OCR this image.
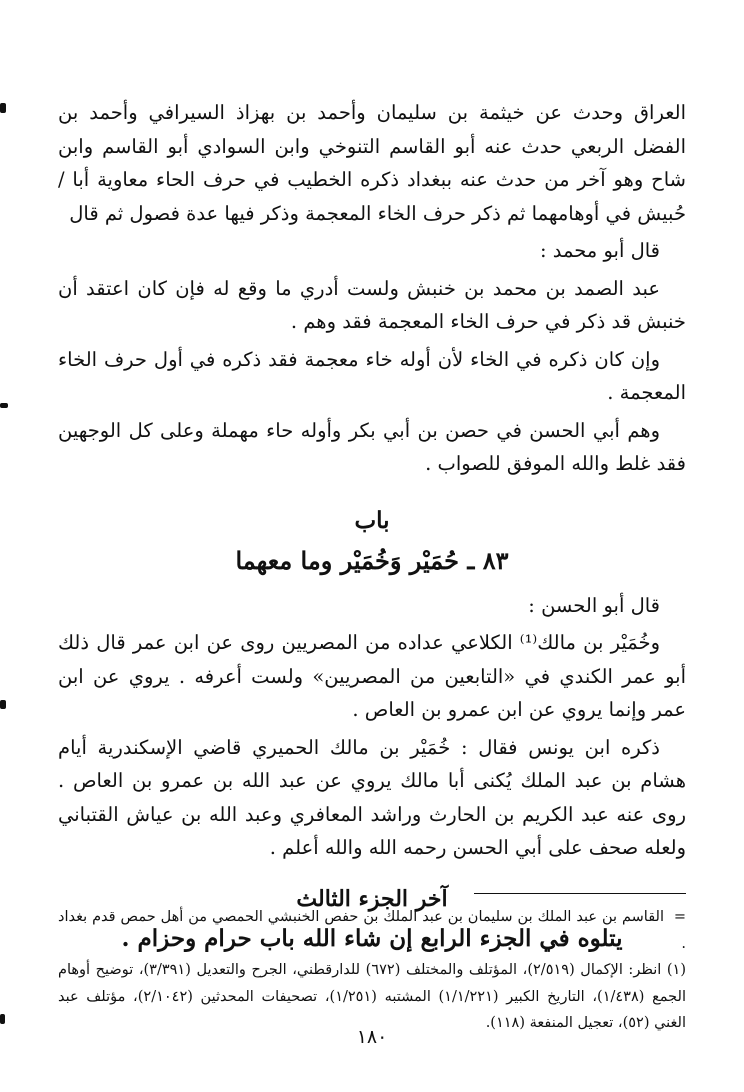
العراق وحدث عن خيثمة بن سليمان وأحمد بن بهزاذ السيرافي وأحمد بن الفضل الربعي حدث عنه أبو القاسم التنوخي وابن السوادي أبو القاسم وابن شاح وهو آخر من حدث عنه ببغداد ذكره الخطيب في حرف الحاء معاوية أبا / حُبيش في أوهامهما ثم ذكر حرف الخاء المعجمة وذكر فيها عدة فصول ثم قال

قال أبو محمد :

عبد الصمد بن محمد بن خنبش ولست أدري ما وقع له فإن كان اعتقد أن خنبش قد ذكر في حرف الخاء المعجمة فقد وهم .

وإن كان ذكره في الخاء لأن أوله خاء معجمة فقد ذكره في أول حرف الخاء المعجمة .

وهم أبي الحسن في حصن بن أبي بكر وأوله حاء مهملة وعلى كل الوجهين فقد غلط والله الموفق للصواب .

باب

٨٣ ـ حُمَيْر وَخُمَيْر وما معهما

قال أبو الحسن :

وخُمَيْر بن مالك⁽¹⁾ الكلاعي عداده من المصريين روى عن ابن عمر قال ذلك أبو عمر الكندي في «التابعين من المصريين» ولست أعرفه . يروي عن ابن عمر وإنما يروي عن ابن عمرو بن العاص .

ذكره ابن يونس فقال : خُمَيْر بن مالك الحميري قاضي الإسكندرية أيام هشام بن عبد الملك يُكنى أبا مالك يروي عن عبد الله بن عمرو بن العاص . روى عنه عبد الكريم بن الحارث وراشد المعافري وعبد الله بن عياش القتباني ولعله صحف على أبي الحسن رحمه الله والله أعلم .

آخر الجزء الثالث

يتلوه في الجزء الرابع إن شاء الله باب حرام وحزام .

=القاسم بن عبد الملك بن سليمان بن عبد الملك بن حفص الخنبشي الحمصي من أهل حمص قدم بغداد .

(١) انظر: الإكمال (٢/٥١٩)، المؤتلف والمختلف (٦٧٢) للدارقطني، الجرح والتعديل (٣/٣٩١)، توضيح أوهام الجمع (١/٤٣٨)، التاريخ الكبير (١/١/٢٢١) المشتبه (١/٢٥١)، تصحيفات المحدثين (٢/١٠٤٢)، مؤتلف عبد الغني (٥٢)، تعجيل المنفعة (١١٨).

١٨٠
